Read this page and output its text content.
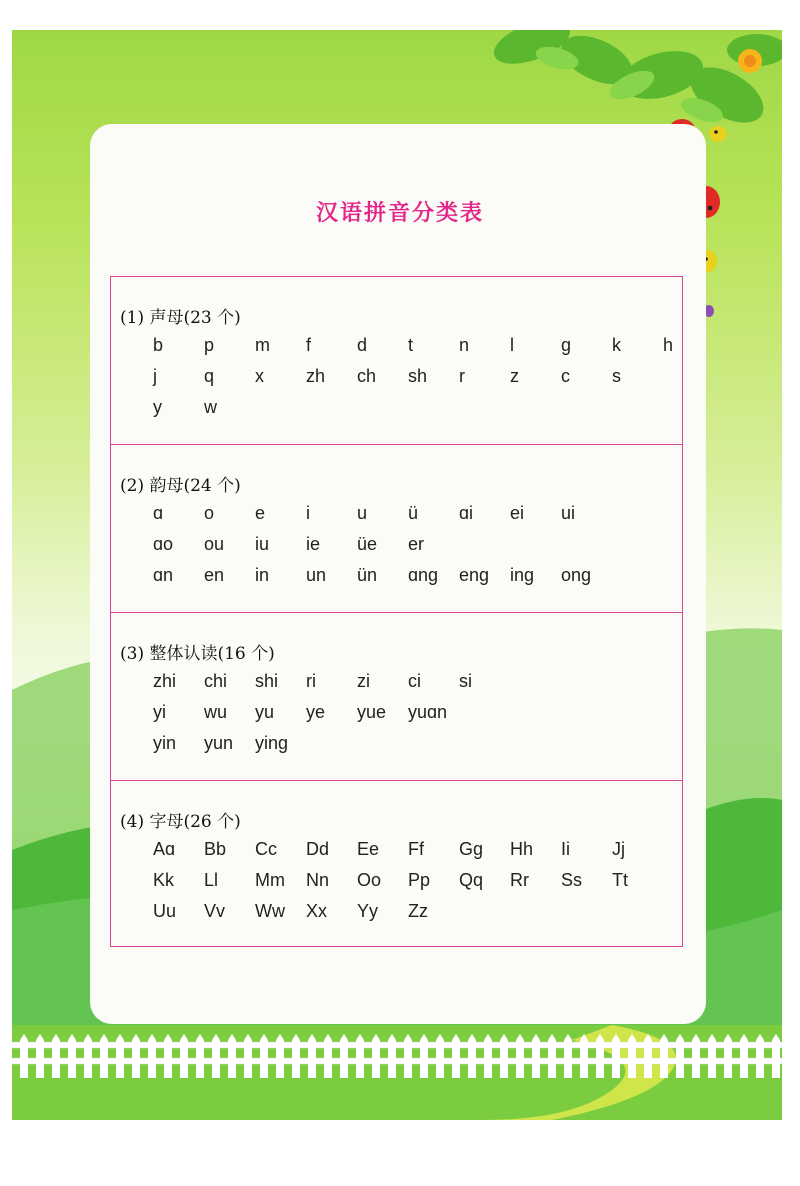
汉语拼音分类表
(1) 声母(23 个)
b p m f	d t	n l	g k h
j	q x zh ch sh r	z c s
y w
(2) 韵母(24 个)
ɑ o e i	u ü ɑi ei ui
ɑo ou iu ie üe er
ɑn en in un ün ɑng eng ing ong
(3) 整体认读(16 个)
zhi chi shi ri zi ci si
yi wu yu ye yue yuɑn
yin yun ying
(4) 字母(26 个)
Aɑ Bb Cc Dd Ee Ff Gg Hh Ii Jj
Kk Ll Mm Nn Oo Pp Qq Rr Ss Tt
Uu Vv Ww Xx Yy Zz
